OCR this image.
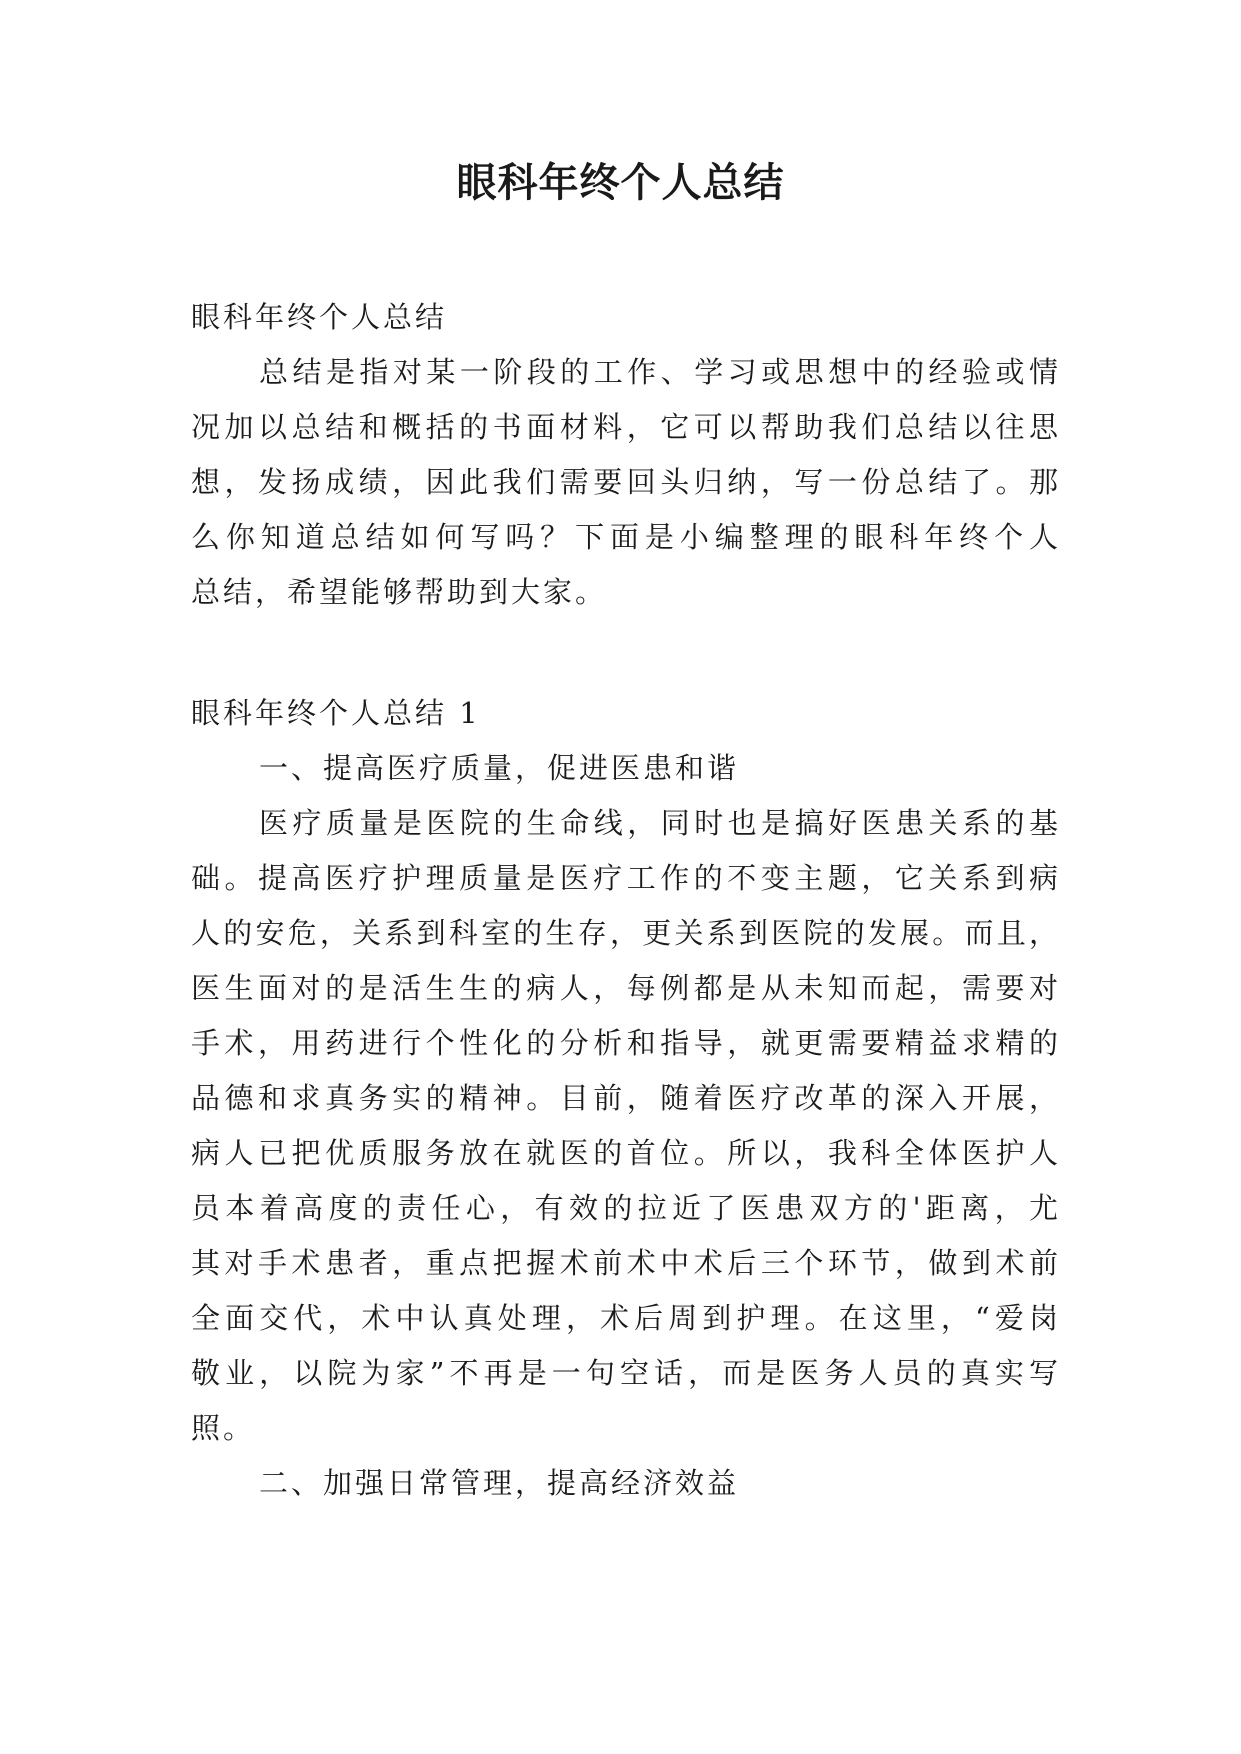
眼科年终个人总结

眼科年终个人总结

总结是指对某一阶段的工作、学习或思想中的经验或情

况加以总结和概括的书面材料，它可以帮助我们总结以往思

想，发扬成绩，因此我们需要回头归纳，写一份总结了。那

么你知道总结如何写吗？下面是小编整理的眼科年终个人

总结，希望能够帮助到大家。

眼科年终个人总结 1

一、提高医疗质量，促进医患和谐

医疗质量是医院的生命线，同时也是搞好医患关系的基

础。提高医疗护理质量是医疗工作的不变主题，它关系到病

人的安危，关系到科室的生存，更关系到医院的发展。而且，

医生面对的是活生生的病人，每例都是从未知而起，需要对

手术，用药进行个性化的分析和指导，就更需要精益求精的

品德和求真务实的精神。目前，随着医疗改革的深入开展，

病人已把优质服务放在就医的首位。所以，我科全体医护人

员本着高度的责任心，有效的拉近了医患双方的'距离，尤

其对手术患者，重点把握术前术中术后三个环节，做到术前

全面交代，术中认真处理，术后周到护理。在这里，“爱岗

敬业，以院为家”不再是一句空话，而是医务人员的真实写

照。

二、加强日常管理，提高经济效益
